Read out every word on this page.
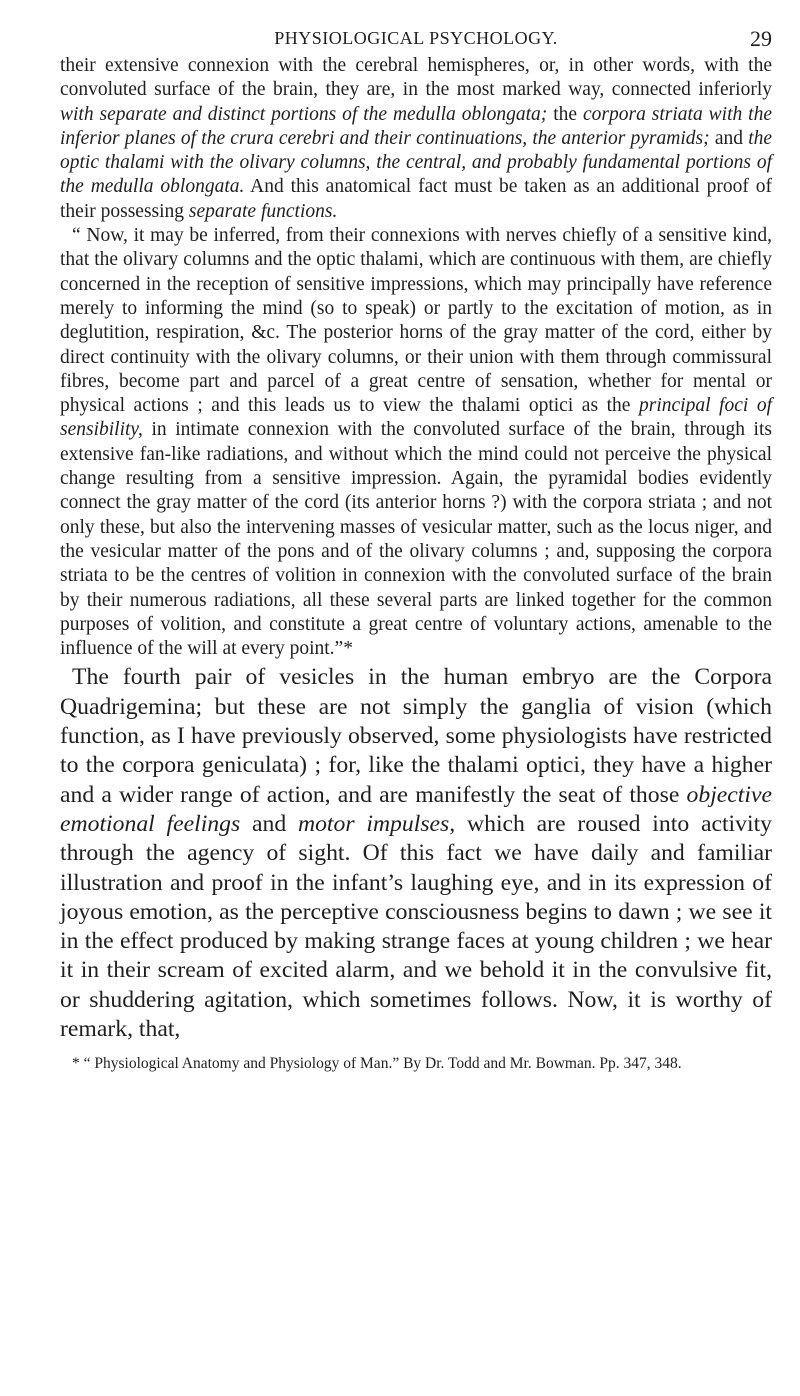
PHYSIOLOGICAL PSYCHOLOGY.	29

their extensive connexion with the cerebral hemispheres, or, in other words, with the convoluted surface of the brain, they are, in the most marked way, connected inferiorly with separate and distinct portions of the medulla oblongata; the corpora striata with the inferior planes of the crura cerebri and their continuations, the anterior pyramids; and the optic thalami with the olivary columns, the central, and probably fundamental portions of the medulla oblongata. And this anatomical fact must be taken as an additional proof of their possessing separate functions.

“ Now, it may be inferred, from their connexions with nerves chiefly of a sensitive kind, that the olivary columns and the optic thalami, which are continuous with them, are chiefly concerned in the reception of sensitive impressions, which may principally have reference merely to informing the mind (so to speak) or partly to the excitation of motion, as in deglutition, respiration, &c. The posterior horns of the gray matter of the cord, either by direct continuity with the olivary columns, or their union with them through commissural fibres, become part and parcel of a great centre of sensation, whether for mental or physical actions ; and this leads us to view the thalami optici as the principal foci of sensibility, in intimate connexion with the convoluted surface of the brain, through its extensive fan-like radiations, and without which the mind could not perceive the physical change resulting from a sensitive impression. Again, the pyramidal bodies evidently connect the gray matter of the cord (its anterior horns ?) with the corpora striata ; and not only these, but also the intervening masses of vesicular matter, such as the locus niger, and the vesicular matter of the pons and of the olivary columns ; and, supposing the corpora striata to be the centres of volition in connexion with the convoluted surface of the brain by their numerous radiations, all these several parts are linked together for the common purposes of volition, and constitute a great centre of voluntary actions, amenable to the influence of the will at every point.”*

The fourth pair of vesicles in the human embryo are the Corpora Quadrigemina; but these are not simply the ganglia of vision (which function, as I have previously observed, some physiologists have restricted to the corpora geniculata) ; for, like the thalami optici, they have a higher and a wider range of action, and are manifestly the seat of those objective emotional feelings and motor impulses, which are roused into activity through the agency of sight. Of this fact we have daily and familiar illustration and proof in the infant’s laughing eye, and in its expression of joyous emotion, as the perceptive consciousness begins to dawn ; we see it in the effect produced by making strange faces at young children ; we hear it in their scream of excited alarm, and we behold it in the convulsive fit, or shuddering agitation, which sometimes follows. Now, it is worthy of remark, that,

* “ Physiological Anatomy and Physiology of Man.” By Dr. Todd and Mr. Bowman. Pp. 347, 348.
